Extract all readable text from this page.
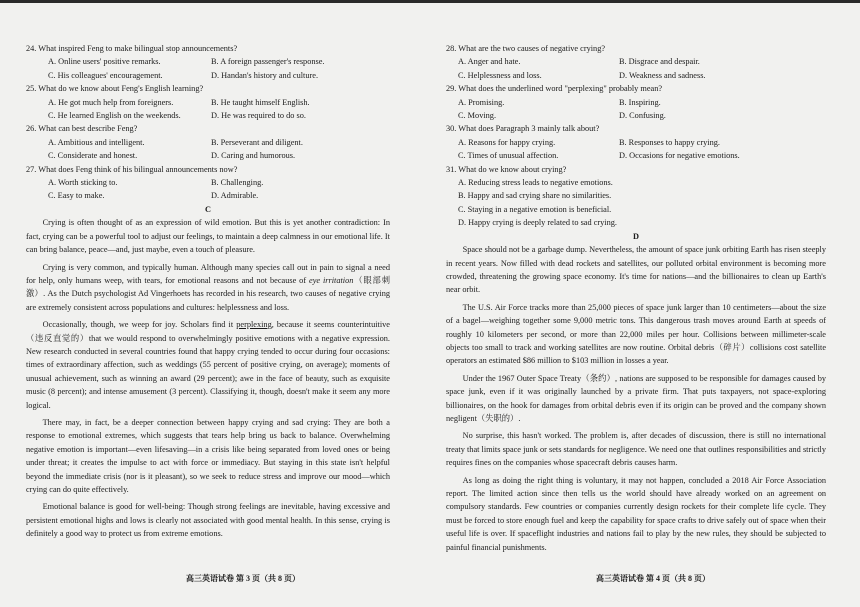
24. What inspired Feng to make bilingual stop announcements?
A. Online users' positive remarks.	B. A foreign passenger's response.
C. His colleagues' encouragement.	D. Handan's history and culture.
25. What do we know about Feng's English learning?
A. He got much help from foreigners.	B. He taught himself English.
C. He learned English on the weekends.	D. He was required to do so.
26. What can best describe Feng?
A. Ambitious and intelligent.	B. Perseverant and diligent.
C. Considerate and honest.	D. Caring and humorous.
27. What does Feng think of his bilingual announcements now?
A. Worth sticking to.	B. Challenging.
C. Easy to make.	D. Admirable.
C
Crying is often thought of as an expression of wild emotion. But this is yet another contradiction: In fact, crying can be a powerful tool to adjust our feelings, to maintain a deep calmness in our emotional life. It can bring balance, peace—and, just maybe, even a touch of pleasure.
Crying is very common, and typically human. Although many species call out in pain to signal a need for help, only humans weep, with tears, for emotional reasons and not because of eye irritation（眼部刺激）. As the Dutch psychologist Ad Vingerhoets has recorded in his research, two causes of negative crying are extremely consistent across populations and cultures: helplessness and loss.
Occasionally, though, we weep for joy. Scholars find it perplexing, because it seems counterintuitive（违反直觉的）that we would respond to overwhelmingly positive emotions with a negative expression. New research conducted in several countries found that happy crying tended to occur during four occasions: times of extraordinary affection, such as weddings (55 percent of positive crying, on average); moments of unusual achievement, such as winning an award (29 percent); awe in the face of beauty, such as exquisite music (8 percent); and intense amusement (3 percent). Classifying it, though, doesn't make it seem any more logical.
There may, in fact, be a deeper connection between happy crying and sad crying: They are both a response to emotional extremes, which suggests that tears help bring us back to balance. Overwhelming negative emotion is important—even lifesaving—in a crisis like being separated from loved ones or being under threat; it creates the impulse to act with force or immediacy. But staying in this state isn't helpful beyond the immediate crisis (nor is it pleasant), so we seek to reduce stress and improve our mood—which crying can do quite effectively.
Emotional balance is good for well-being: Though strong feelings are inevitable, having excessive and persistent emotional highs and lows is clearly not associated with good mental health. In this sense, crying is definitely a good way to protect us from extreme emotions.
28. What are the two causes of negative crying?
A. Anger and hate.	B. Disgrace and despair.
C. Helplessness and loss.	D. Weakness and sadness.
29. What does the underlined word "perplexing" probably mean?
A. Promising.	B. Inspiring.
C. Moving.	D. Confusing.
30. What does Paragraph 3 mainly talk about?
A. Reasons for happy crying.	B. Responses to happy crying.
C. Times of unusual affection.	D. Occasions for negative emotions.
31. What do we know about crying?
A. Reducing stress leads to negative emotions.
B. Happy and sad crying share no similarities.
C. Staying in a negative emotion is beneficial.
D. Happy crying is deeply related to sad crying.
D
Space should not be a garbage dump. Nevertheless, the amount of space junk orbiting Earth has risen steeply in recent years. Now filled with dead rockets and satellites, our polluted orbital environment is becoming more crowded, threatening the growing space economy. It's time for nations—and the billionaires to clean up Earth's near orbit.
The U.S. Air Force tracks more than 25,000 pieces of space junk larger than 10 centimeters—about the size of a bagel—weighing together some 9,000 metric tons. This dangerous trash moves around Earth at speeds of roughly 10 kilometers per second, or more than 22,000 miles per hour. Collisions between millimeter-scale objects too small to track and working satellites are now routine. Orbital debris（碎片）collisions cost satellite operators an estimated $86 million to $103 million in losses a year.
Under the 1967 Outer Space Treaty（条约）, nations are supposed to be responsible for damages caused by space junk, even if it was originally launched by a private firm. That puts taxpayers, not space-exploring billionaires, on the hook for damages from orbital debris even if its origin can be proved and the company shown negligent（失职的）.
No surprise, this hasn't worked. The problem is, after decades of discussion, there is still no international treaty that limits space junk or sets standards for negligence. We need one that outlines responsibilities and strictly requires fines on the companies whose spacecraft debris causes harm.
As long as doing the right thing is voluntary, it may not happen, concluded a 2018 Air Force Association report. The limited action since then tells us the world should have already worked on an agreement on compulsory standards. Few countries or companies currently design rockets for their complete life cycle. They must be forced to store enough fuel and keep the capability for space crafts to drive safely out of space when their useful life is over. If spaceflight industries and nations fail to play by the new rules, they should be subjected to painful financial punishments.
高三英语试卷 第 3 页（共 8 页）	高三英语试卷 第 4 页（共 8 页）
